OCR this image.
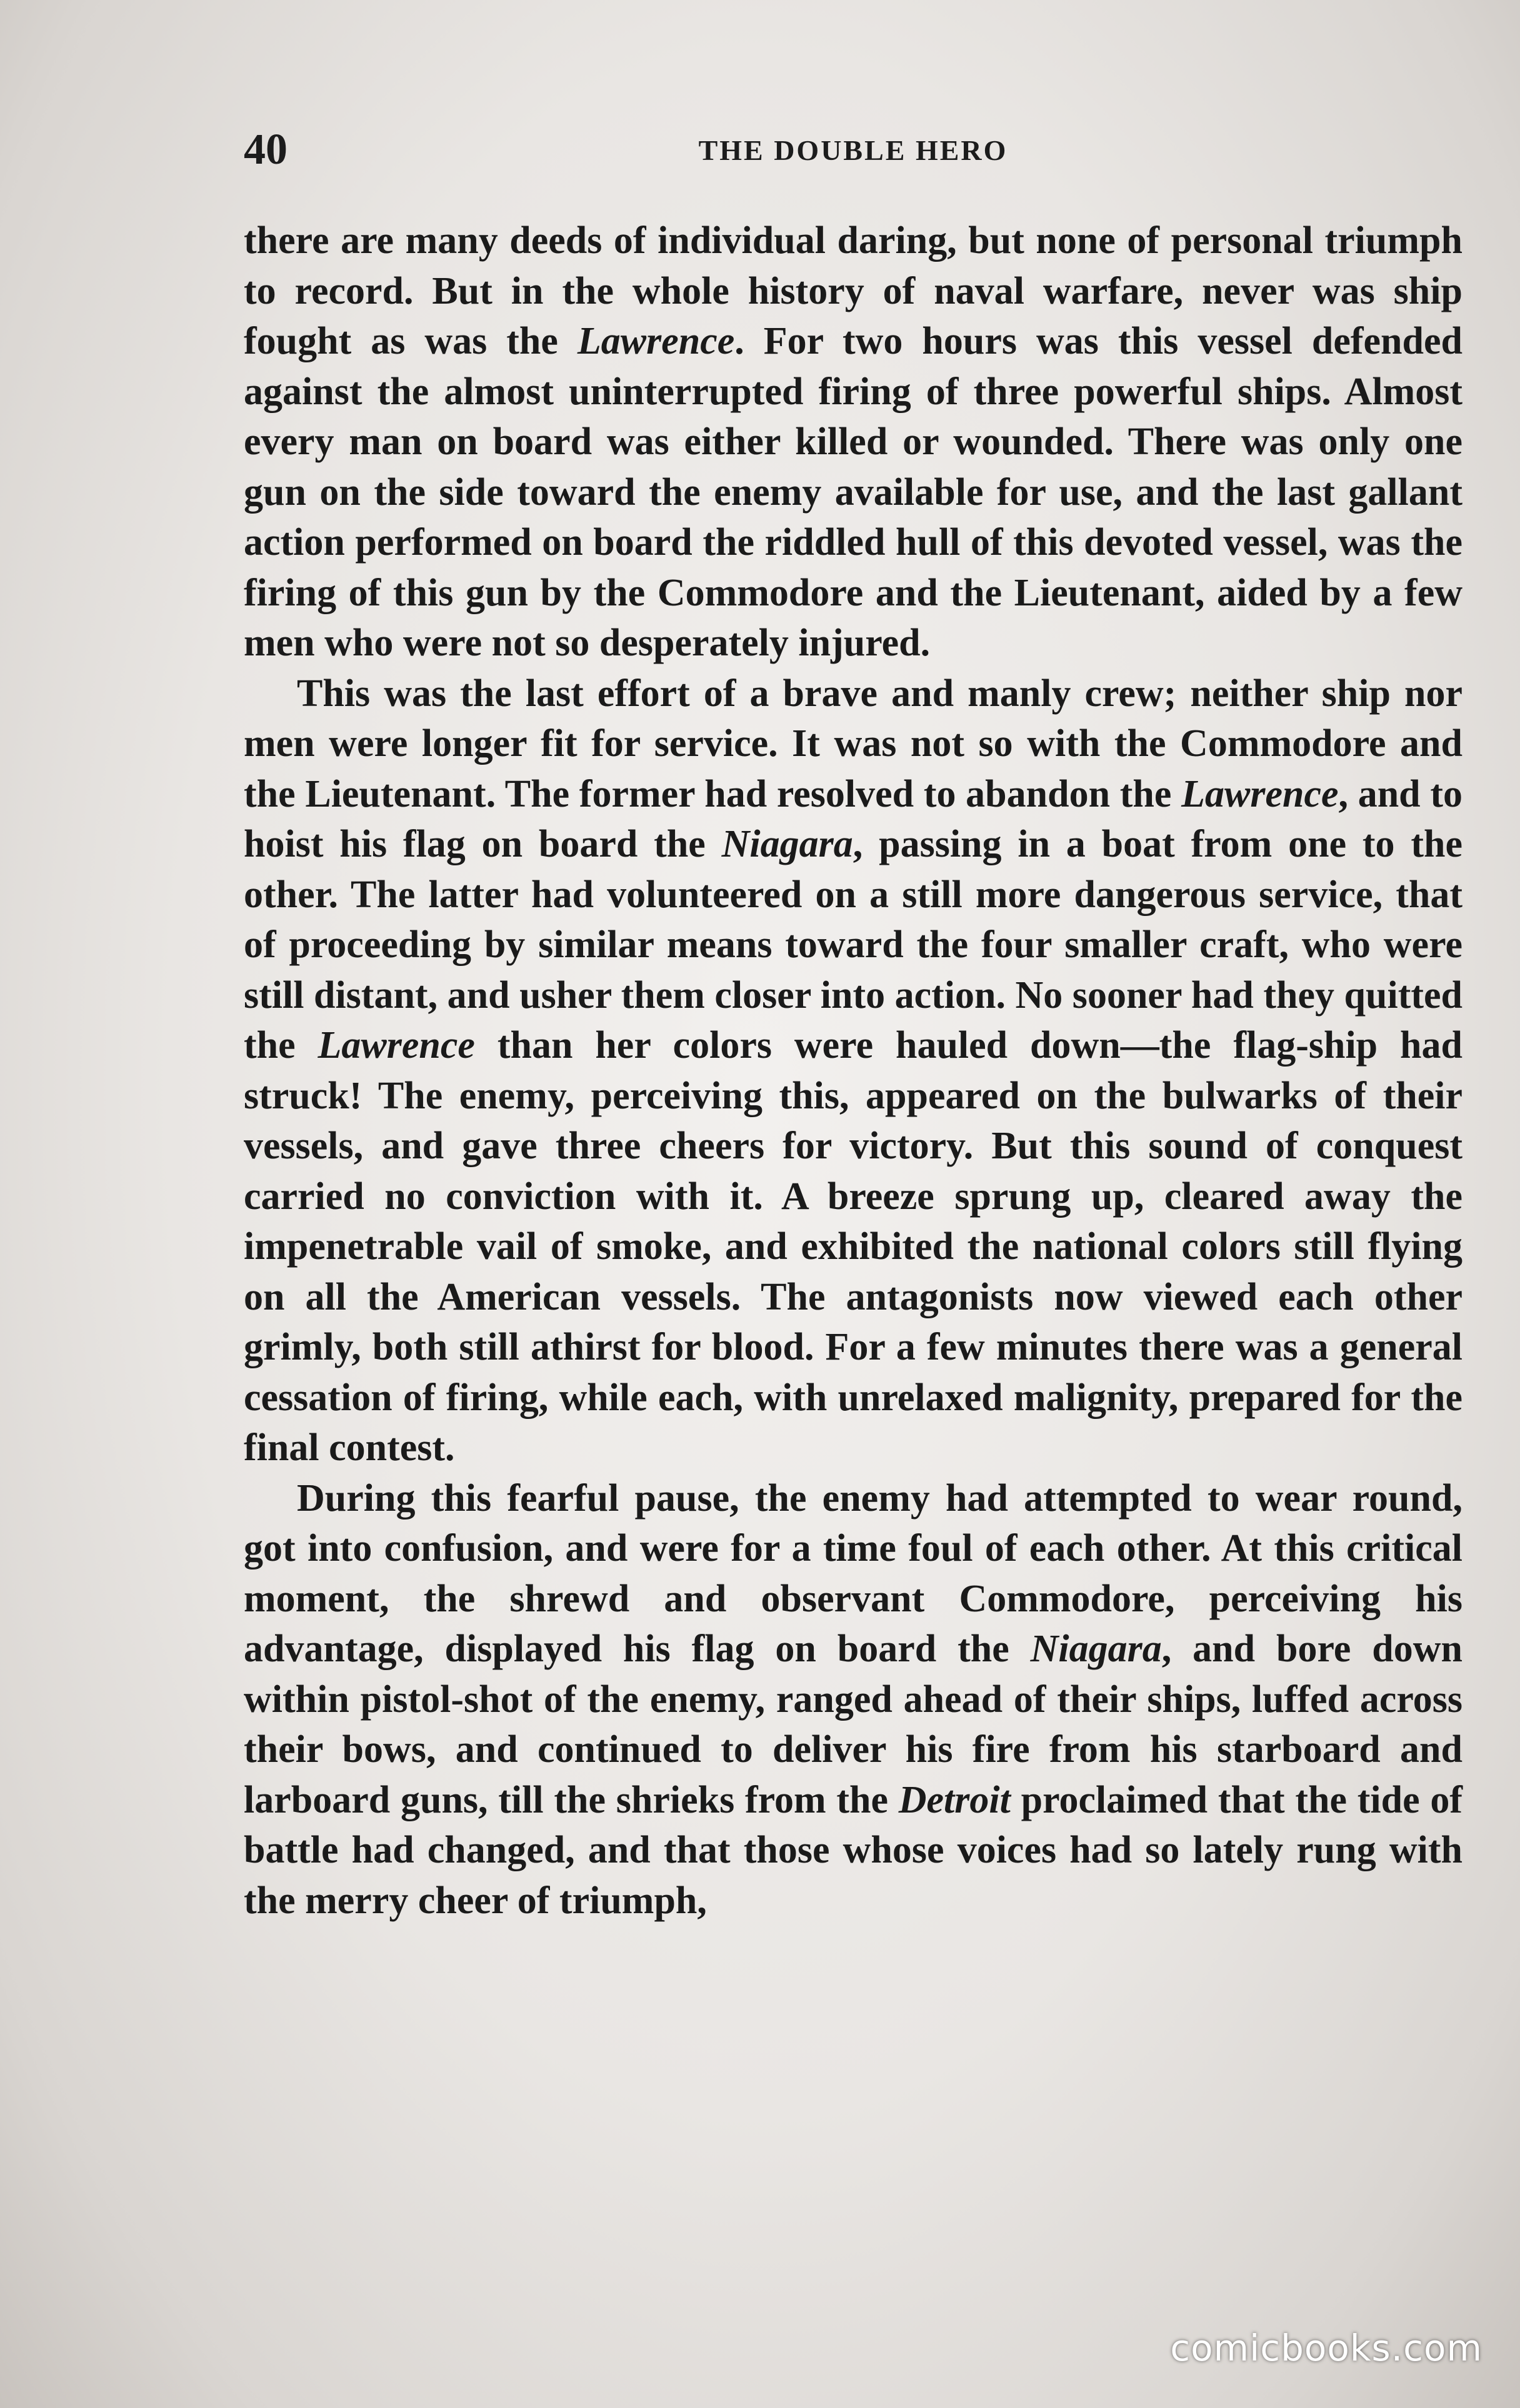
40	THE DOUBLE HERO

there are many deeds of individual daring, but none of personal triumph to record. But in the whole history of naval warfare, never was ship fought as was the Lawrence. For two hours was this vessel defended against the almost uninterrupted firing of three powerful ships. Almost every man on board was either killed or wounded. There was only one gun on the side toward the enemy available for use, and the last gallant action performed on board the riddled hull of this devoted vessel, was the firing of this gun by the Commodore and the Lieutenant, aided by a few men who were not so desperately injured.

This was the last effort of a brave and manly crew; neither ship nor men were longer fit for service. It was not so with the Commodore and the Lieutenant. The former had resolved to abandon the Lawrence, and to hoist his flag on board the Niagara, passing in a boat from one to the other. The latter had volunteered on a still more dangerous service, that of proceeding by similar means toward the four smaller craft, who were still distant, and usher them closer into action. No sooner had they quitted the Lawrence than her colors were hauled down—the flag-ship had struck! The enemy, perceiving this, appeared on the bulwarks of their vessels, and gave three cheers for victory. But this sound of conquest carried no conviction with it. A breeze sprung up, cleared away the impenetrable vail of smoke, and exhibited the national colors still flying on all the American vessels. The antagonists now viewed each other grimly, both still athirst for blood. For a few minutes there was a general cessation of firing, while each, with unrelaxed malignity, prepared for the final contest.

During this fearful pause, the enemy had attempted to wear round, got into confusion, and were for a time foul of each other. At this critical moment, the shrewd and observant Commodore, perceiving his advantage, displayed his flag on board the Niagara, and bore down within pistol-shot of the enemy, ranged ahead of their ships, luffed across their bows, and continued to deliver his fire from his starboard and larboard guns, till the shrieks from the Detroit proclaimed that the tide of battle had changed, and that those whose voices had so lately rung with the merry cheer of triumph,

comicbooks.com
